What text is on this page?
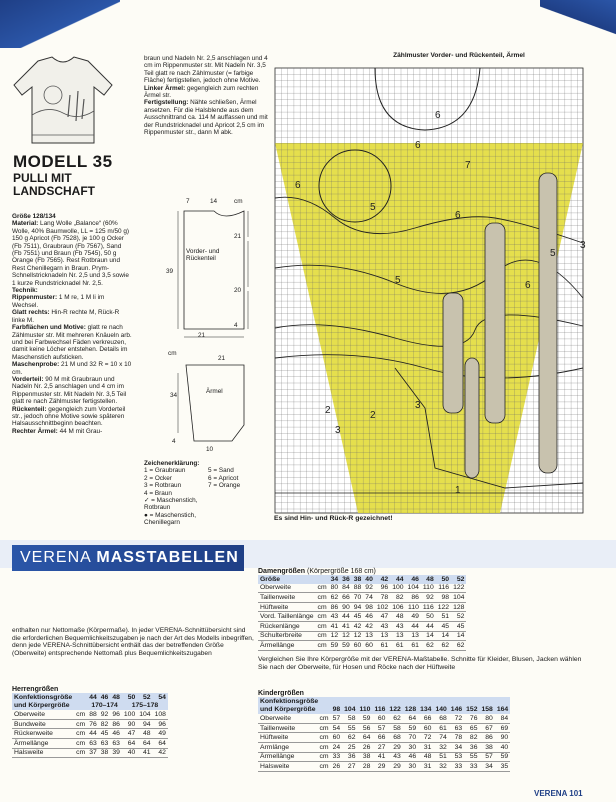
MODELL 35
PULLI MIT LANDSCHAFT
Größe 128/134
Material: Lang Wolle „Balance“ (60% Wolle, 40% Baumwolle, LL = 125 m/50 g) 150 g Apricot (Fb 7528), je 100 g Ocker (Fb 7511), Graubraun (Fb 7567), Sand (Fb 7551) und Braun (Fb 7545), 50 g Orange (Fb 7565). Rest Rotbraun und Rest Chenillegarn in Braun. Prym-Schnellstricknadeln Nr. 2,5 und 3,5 sowie 1 kurze Rundstricknadel Nr. 2,5.
Technik:
Rippenmuster: 1 M re, 1 M li im Wechsel.
Glatt rechts: Hin-R rechte M, Rück-R linke M.
Farbflächen und Motive: glatt re nach Zählmuster str. Mit mehreren Knäueln arb. und bei Farbwechsel Fäden verkreuzen, damit keine Löcher entstehen. Details im Maschenstich aufsticken.
Maschenprobe: 21 M und 32 R = 10 x 10 cm.
Vorderteil: 90 M mit Graubraun und Nadeln Nr. 2,5 anschlagen und 4 cm im Rippenmuster str. Mit Nadeln Nr. 3,5 Teil glatt re nach Zählmuster fertigstellen.
Rückenteil: gegengleich zum Vorderteil str., jedoch ohne Motive sowie späteren Halsausschnittbeginn beachten.
Rechter Ärmel: 44 M mit Grau-
braun und Nadeln Nr. 2,5 anschlagen und 4 cm im Rippenmuster str. Mit Nadeln Nr. 3,5 Teil glatt re nach Zählmuster (= farbige Fläche) fertigstellen, jedoch ohne Motive.
Linker Ärmel: gegengleich zum rechten Ärmel str.
Fertigstellung: Nähte schließen, Ärmel ansetzen. Für die Halsblende aus dem Ausschnittrand ca. 114 M auffassen und mit der Rundstricknadel und Apricot 2,5 cm im Rippenmuster str., dann M abk.
7	14	cm
21
20
4
39
Vorder- und Rückenteil
21
cm
21
34
Ärmel
4
10
Zeichenerklärung:
1 = Graubraun	5 = Sand
2 = Ocker	6 = Apricot
3 = Rotbraun	7 = Orange
4 = Braun
✓ = Maschenstich, Rotbraun
● = Maschenstich, Chenillegarn
Zählmuster Vorder- und Rückenteil, Ärmel
6
6
7
6
5
3
6
5
5
3
2	2
1
6
3
Es sind Hin- und Rück-R gezeichnet!
VERENA MASSTABELLEN
enthalten nur Nettomaße (Körpermaße). In jeder VERENA-Schnittübersicht sind die erforderlichen Bequemlichkeitszugaben je nach der Art des Modells inbegriffen, denn jede VERENA-Schnittübersicht enthält das der betreffenden Größe (Oberweite) entsprechende Nettomaß plus Bequemlichkeitszugaben
Damengrößen (Körpergröße 168 cm)
Größe		34	36	38	40	42	44	46	48	50	52
Oberweite	cm	80	84	88	92	96	100	104	110	116	122
Taillenweite	cm	62	66	70	74	78	82	86	92	98	104
Hüftweite	cm	86	90	94	98	102	106	110	116	122	128
Vord. Taillenlänge	cm	43	44	45	46	47	48	49	50	51	52
Rückenlänge	cm	41	41	42	42	43	43	44	44	45	45
Schulterbreite	cm	12	12	12	13	13	13	13	14	14	14
Ärmellänge	cm	59	59	60	60	61	61	61	62	62	62
Vergleichen Sie Ihre Körpergröße mit der VERENA-Maßtabelle. Schnitte für Kleider, Blusen, Jacken wählen Sie nach der Oberweite, für Hosen und Röcke nach der Hüftweite
Herrengrößen
Konfektionsgröße		44	46	48	50	52	54
und Körpergröße		170–174			175–178		
Oberweite	cm	88	92	96	100	104	108
Bundweite	cm	76	82	86	90	94	96
Rückenweite	cm	44	45	46	47	48	49
Ärmellänge	cm	63	63	63	64	64	64
Halsweite	cm	37	38	39	40	41	42
Kindergrößen
Konfektionsgröße													
und Körpergröße		98	104	110	116	122	128	134	140	146	152	158	164
Oberweite	cm	57	58	59	60	62	64	66	68	72	76	80	84
Taillenweite	cm	54	55	56	57	58	59	60	61	63	65	67	69
Hüftweite	cm	60	62	64	66	68	70	72	74	78	82	86	90
Armlänge	cm	24	25	26	27	29	30	31	32	34	36	38	40
Ärmellänge	cm	33	36	38	41	43	46	48	51	53	55	57	59
Halsweite	cm	26	27	28	29	29	30	31	32	33	33	34	35
VERENA 101
